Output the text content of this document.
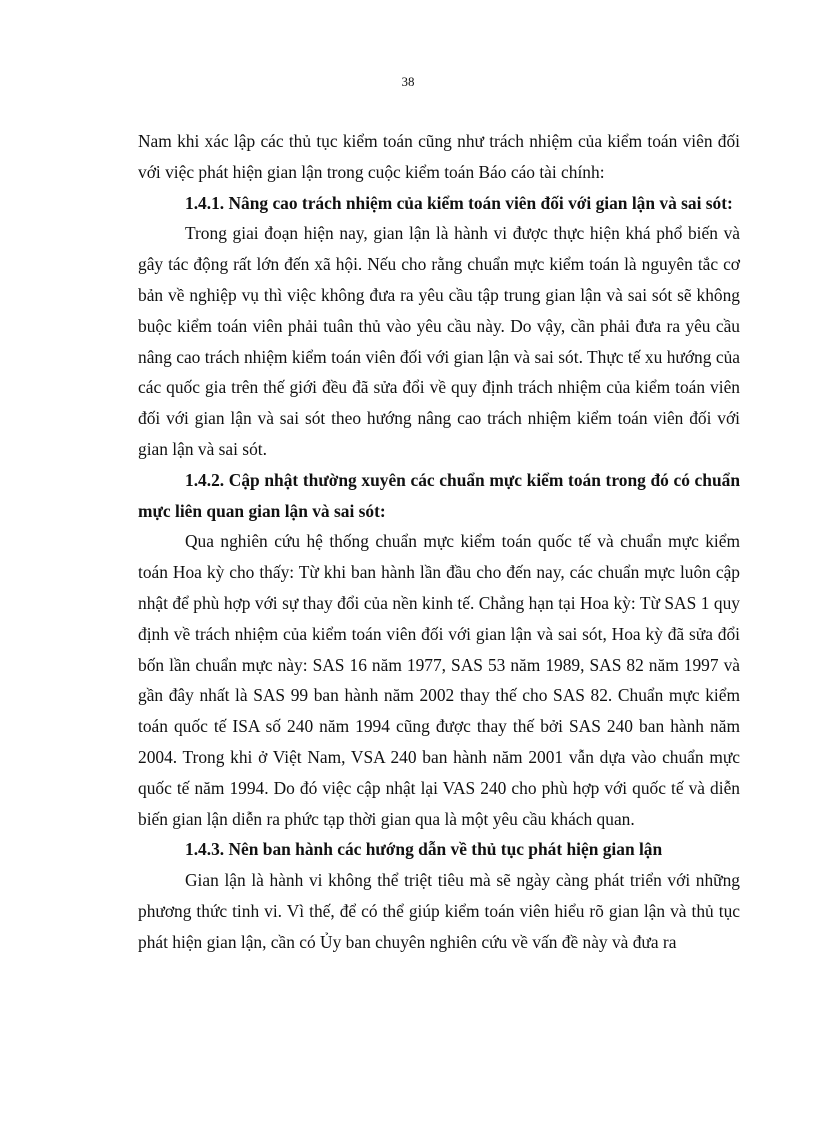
38

Nam khi xác lập các thủ tục kiểm toán cũng như trách nhiệm của kiểm toán viên đối với việc phát hiện gian lận trong cuộc kiểm toán Báo cáo tài chính:

1.4.1. Nâng cao trách nhiệm của kiểm toán viên đối với gian lận và sai sót:

Trong giai đoạn hiện nay, gian lận là hành vi được thực hiện khá phổ biến và gây tác động rất lớn đến xã hội. Nếu cho rằng chuẩn mực kiểm toán là nguyên tắc cơ bản về nghiệp vụ thì việc không đưa ra yêu cầu tập trung gian lận và sai sót sẽ không buộc kiểm toán viên phải tuân thủ vào yêu cầu này. Do vậy, cần phải đưa ra yêu cầu nâng cao trách nhiệm kiểm toán viên đối với gian lận và sai sót. Thực tế xu hướng của các quốc gia trên thế giới đều đã sửa đổi về quy định trách nhiệm của kiểm toán viên đối với gian lận và sai sót theo hướng nâng cao trách nhiệm kiểm toán viên đối với gian lận và sai sót.

1.4.2. Cập nhật thường xuyên các chuẩn mực kiểm toán trong đó có chuẩn mực liên quan gian lận và sai sót:

Qua nghiên cứu hệ thống chuẩn mực kiểm toán quốc tế và chuẩn mực kiểm toán Hoa kỳ cho thấy: Từ khi ban hành lần đầu cho đến nay, các chuẩn mực luôn cập nhật để phù hợp với sự thay đổi của nền kinh tế. Chẳng hạn tại Hoa kỳ: Từ SAS 1 quy định về trách nhiệm của kiểm toán viên đối với gian lận và sai sót, Hoa kỳ đã sửa đổi bốn lần chuẩn mực này: SAS 16 năm 1977, SAS 53 năm 1989, SAS 82 năm 1997 và gần đây nhất là SAS 99 ban hành năm 2002 thay thế cho SAS 82. Chuẩn mực kiểm toán quốc tế ISA số 240 năm 1994 cũng được thay thế bởi SAS 240 ban hành năm 2004. Trong khi ở Việt Nam, VSA 240 ban hành năm 2001 vẫn dựa vào chuẩn mực quốc tế năm 1994. Do đó việc cập nhật lại VAS 240 cho phù hợp với quốc tế và diễn biến gian lận diễn ra phức tạp thời gian qua là một yêu cầu khách quan.

1.4.3. Nên ban hành các hướng dẫn về thủ tục phát hiện gian lận

Gian lận là hành vi không thể triệt tiêu mà sẽ ngày càng phát triển với những phương thức tinh vi. Vì thế, để có thể giúp kiểm toán viên hiểu rõ gian lận và thủ tục phát hiện gian lận, cần có Ủy ban chuyên nghiên cứu về vấn đề này và đưa ra
